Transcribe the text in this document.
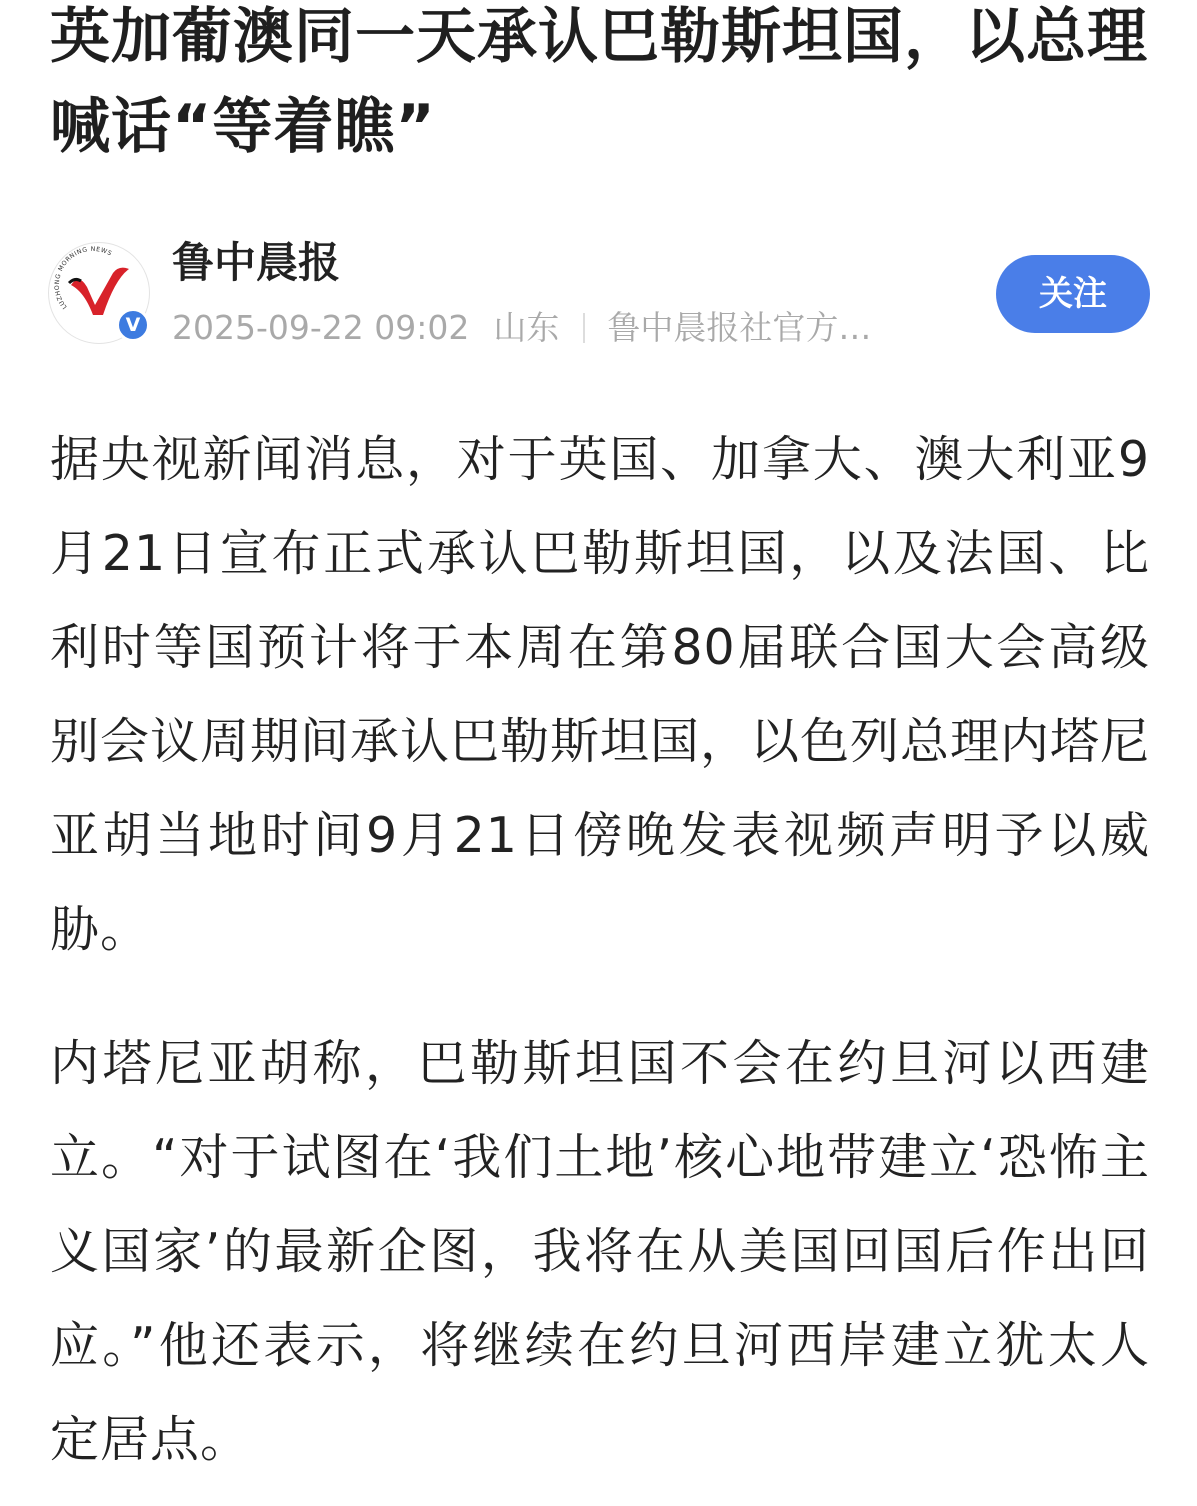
英加葡澳同一天承认巴勒斯坦国，以总理喊话“等着瞧”
LUZHONG MORNING NEWS
V
鲁中晨报
2025-09-22 09:02 山东 鲁中晨报社官方…
关注

据央视新闻消息，对于英国、加拿大、澳大利亚9月21日宣布正式承认巴勒斯坦国，以及法国、比利时等国预计将于本周在第80届联合国大会高级别会议周期间承认巴勒斯坦国，以色列总理内塔尼亚胡当地时间9月21日傍晚发表视频声明予以威胁。

内塔尼亚胡称，巴勒斯坦国不会在约旦河以西建立。“对于试图在‘我们土地’核心地带建立‘恐怖主义国家’的最新企图，我将在从美国回国后作出回应。”他还表示，将继续在约旦河西岸建立犹太人定居点。
